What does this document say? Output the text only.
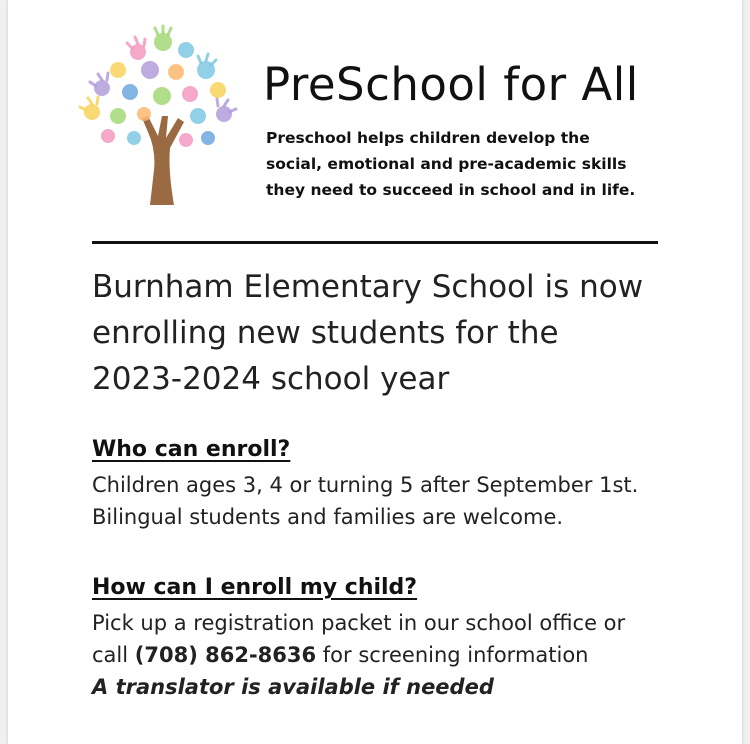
PreSchool for All
Preschool helps children develop the
social, emotional and pre-academic skills
they need to succeed in school and in life.
Burnham Elementary School is now
enrolling new students for the
2023-2024 school year
Who can enroll?
Children ages 3, 4 or turning 5 after September 1st.
Bilingual students and families are welcome.
How can I enroll my child?
Pick up a registration packet in our school office or
call (708) 862-8636 for screening information
A translator is available if needed
